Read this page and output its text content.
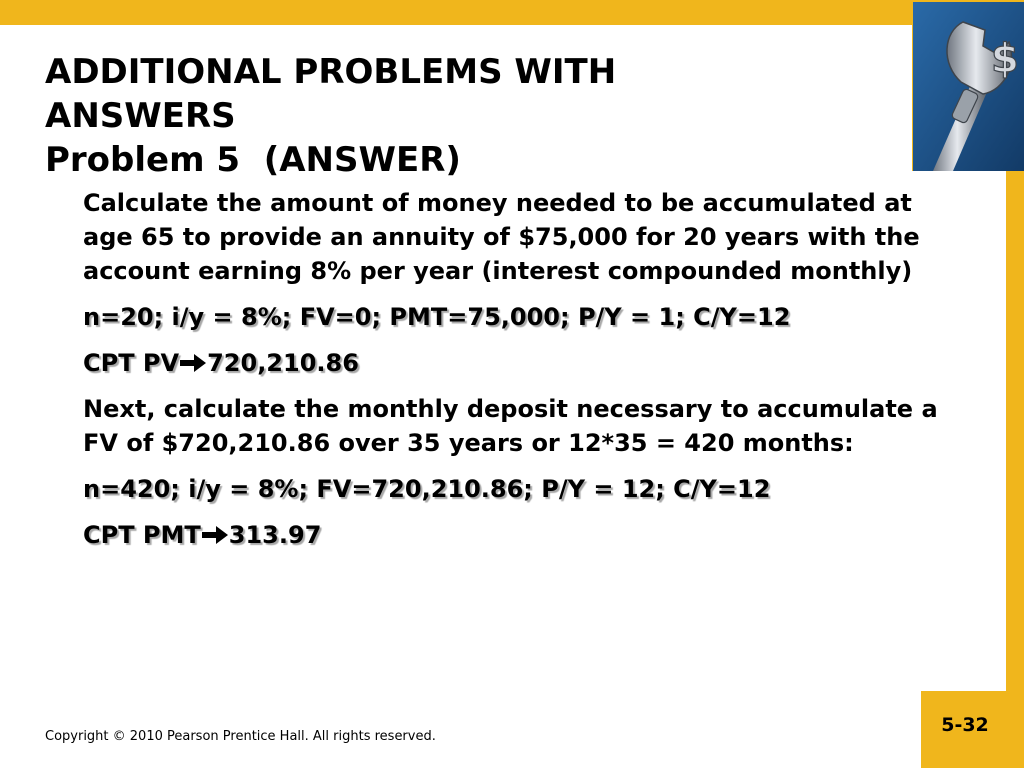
$
ADDITIONAL PROBLEMS WITH
ANSWERS
Problem 5  (ANSWER)
Calculate the amount of money needed to be accumulated at age 65 to provide an annuity of $75,000 for 20 years with the account earning 8% per year (interest compounded monthly)
n=20; i/y = 8%; FV=0; PMT=75,000; P/Y = 1; C/Y=12
CPT PV 720,210.86
Next, calculate the monthly deposit necessary to accumulate a FV of $720,210.86 over 35 years or 12*35 = 420 months:
n=420; i/y = 8%; FV=720,210.86; P/Y = 12; C/Y=12
CPT PMT 313.97
Copyright © 2010 Pearson Prentice Hall. All rights reserved.
5-32
